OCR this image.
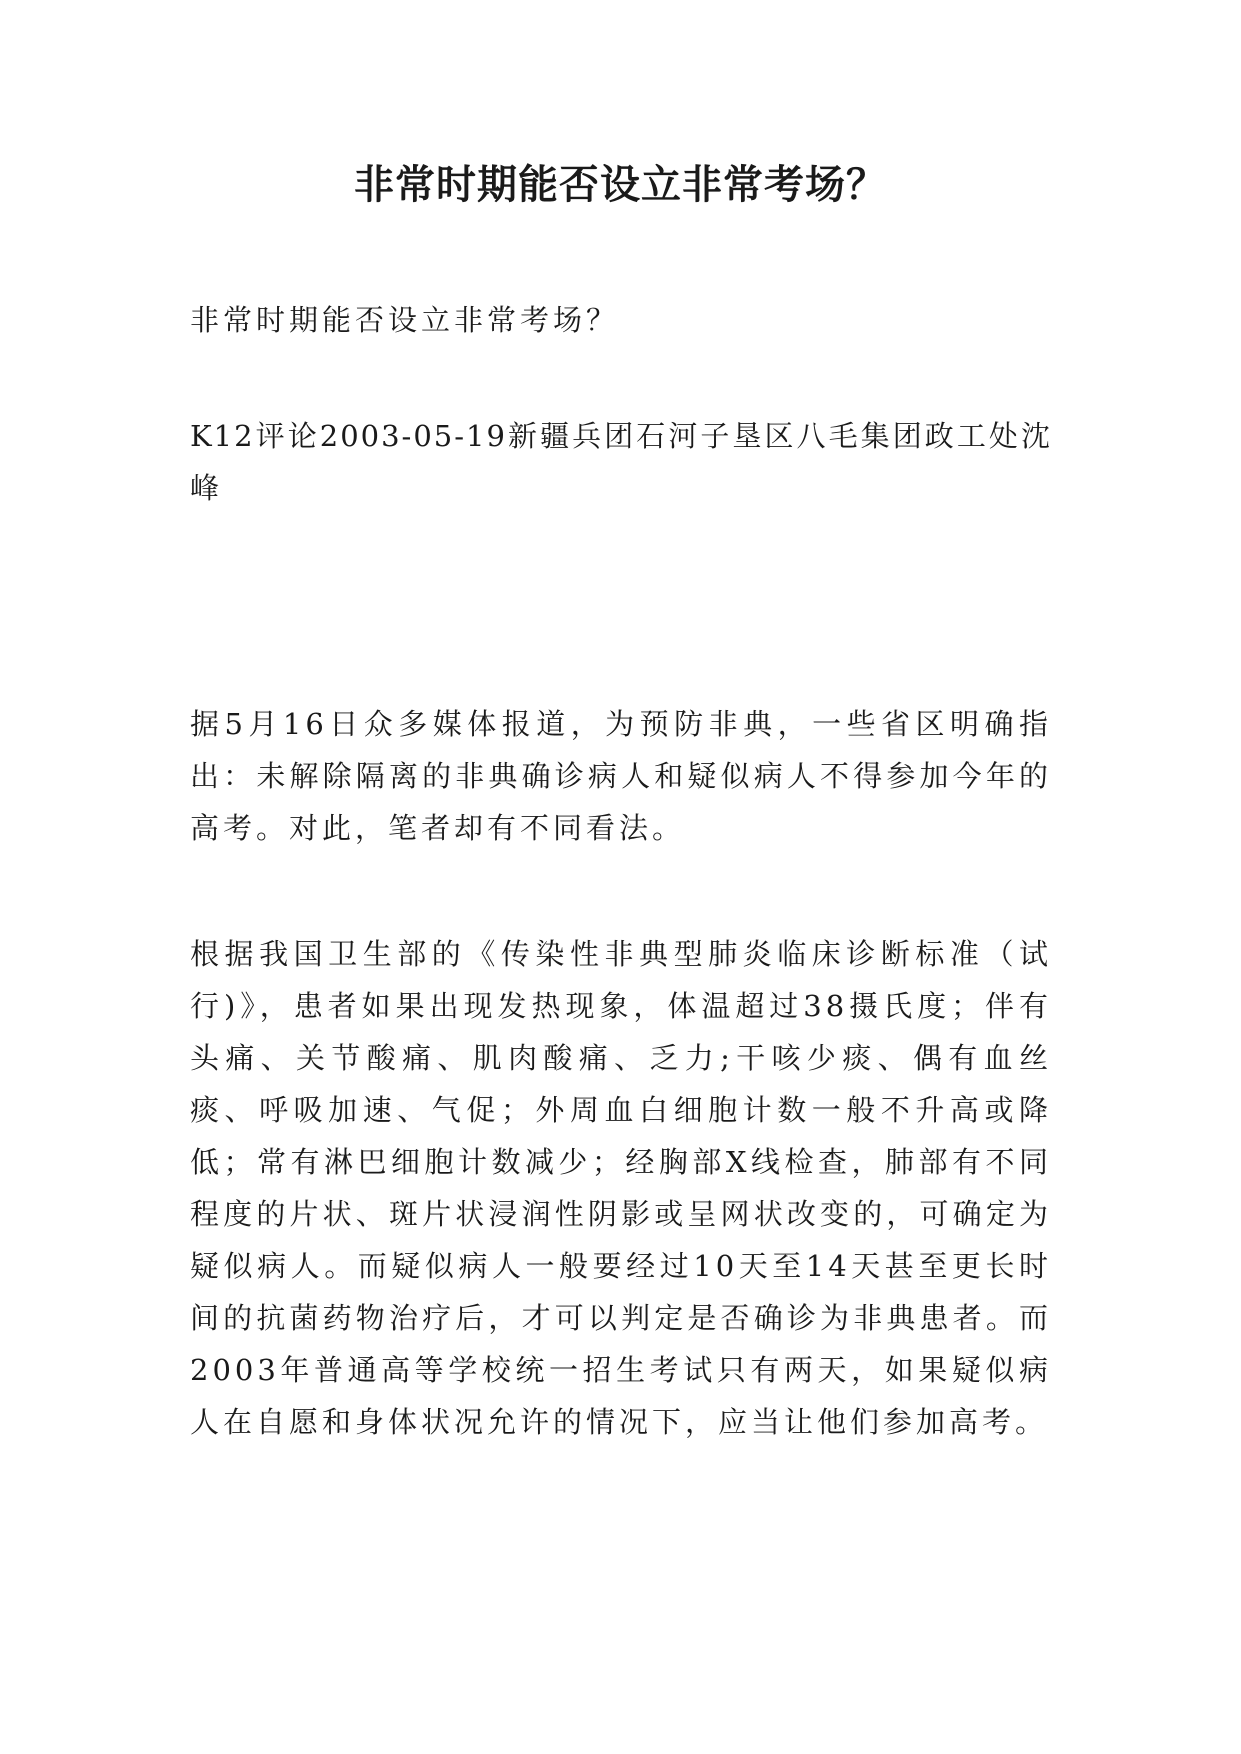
非常时期能否设立非常考场？

非常时期能否设立非常考场？

K12评论2003-05-19新疆兵团石河子垦区八毛集团政工处沈峰

据5月16日众多媒体报道，为预防非典，一些省区明确指出：未解除隔离的非典确诊病人和疑似病人不得参加今年的高考。对此，笔者却有不同看法。

根据我国卫生部的《传染性非典型肺炎临床诊断标准（试行)》，患者如果出现发热现象，体温超过38摄氏度；伴有头痛、关节酸痛、肌肉酸痛、乏力;干咳少痰、偶有血丝痰、呼吸加速、气促；外周血白细胞计数一般不升高或降低；常有淋巴细胞计数减少；经胸部X线检查，肺部有不同程度的片状、斑片状浸润性阴影或呈网状改变的，可确定为疑似病人。而疑似病人一般要经过10天至14天甚至更长时间的抗菌药物治疗后，才可以判定是否确诊为非典患者。而2003年普通高等学校统一招生考试只有两天，如果疑似病人在自愿和身体状况允许的情况下，应当让他们参加高考。
